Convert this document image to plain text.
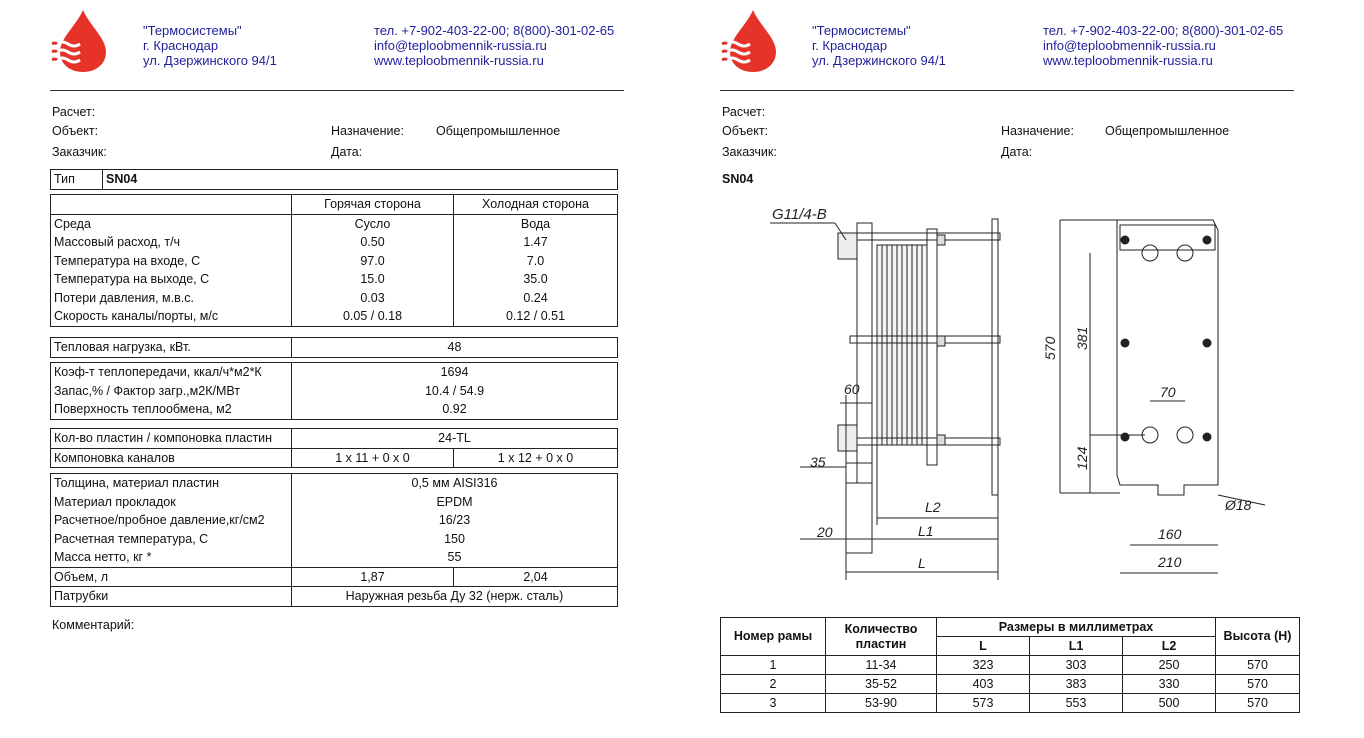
"Термосистемы"
г. Краснодар
ул. Дзержинского 94/1
тел. +7-902-403-22-00; 8(800)-301-02-65
info@teploobmennik-russia.ru
www.teploobmennik-russia.ru
Расчет:
Объект:
Заказчик:
Назначение:	Общепромышленное
Дата:
Тип	SN04
	Горячая сторона	Холодная сторона
Среда	Сусло	Вода
Массовый расход, т/ч	0.50	1.47
Температура на входе, С	97.0	7.0
Температура на выходе, С	15.0	35.0
Потери давления, м.в.с.	0.03	0.24
Скорость каналы/порты, м/с	0.05 / 0.18	0.12 / 0.51
Тепловая нагрузка, кВт.	48
Коэф-т теплопередачи, ккал/ч*м2*К	1694
Запас,% / Фактор загр.,м2К/МВт	10.4 / 54.9
Поверхность теплообмена, м2	0.92
Кол-во пластин / компоновка пластин	24-TL	
Компоновка каналов	1 x 11 + 0 x 0	1 x 12 + 0 x 0
Толщина, материал пластин	0,5 мм AISI316	
Материал прокладок	EPDM	
Расчетное/пробное давление,кг/см2	16/23	
Расчетная температура, С	150	
Масса нетто, кг *	55	
Объем, л	1,87	2,04
Патрубки	Наружная резьба Ду 32 (нерж. сталь)	
Комментарий:
"Термосистемы"
г. Краснодар
ул. Дзержинского 94/1
тел. +7-902-403-22-00; 8(800)-301-02-65
info@teploobmennik-russia.ru
www.teploobmennik-russia.ru
Расчет:
Объект:
Заказчик:
Назначение: Общепромышленное
Дата:
SN04
G11/4-B
60
35
20
L2
L1
L
570 381
124
70
160
210
Ø18
Номер рамы	Количество пластин	Размеры в миллиметрах			Высота (H)
		L	L1	L2	
1	11-34	323	303	250	570
2	35-52	403	383	330	570
3	53-90	573	553	500	570
